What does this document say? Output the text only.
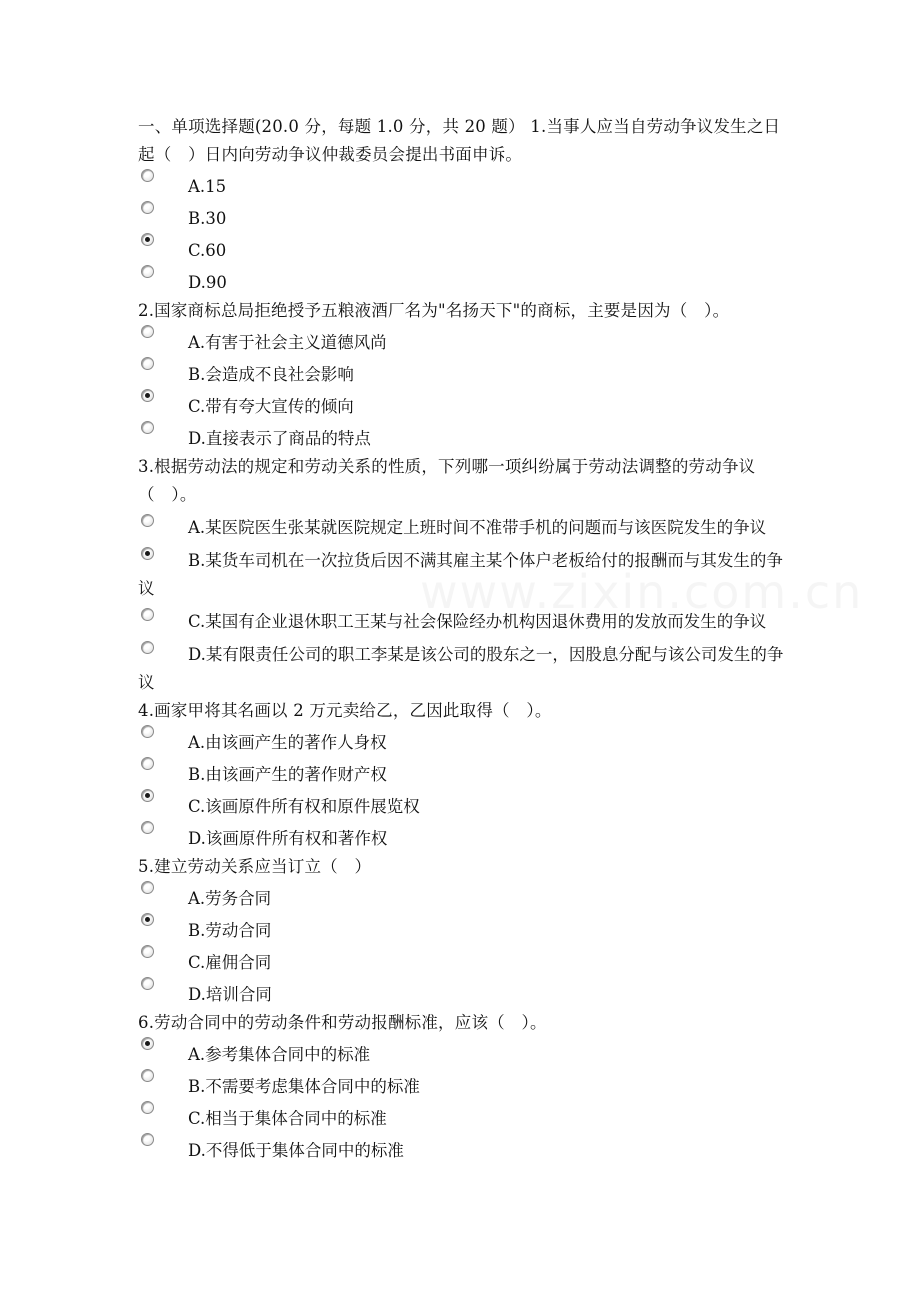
www.zixin.com.cn

一、单项选择题(20.0 分，每题 1.0 分，共 20 题） 1.当事人应当自劳动争议发生之日起（　）日内向劳动争议仲裁委员会提出书面申诉。

A.15
B.30
C.60
D.90

2.国家商标总局拒绝授予五粮液酒厂名为"名扬天下"的商标，主要是因为（　）。

A.有害于社会主义道德风尚
B.会造成不良社会影响
C.带有夸大宣传的倾向
D.直接表示了商品的特点

3.根据劳动法的规定和劳动关系的性质，下列哪一项纠纷属于劳动法调整的劳动争议（　）。

A.某医院医生张某就医院规定上班时间不准带手机的问题而与该医院发生的争议
B.某货车司机在一次拉货后因不满其雇主某个体户老板给付的报酬而与其发生的争议
C.某国有企业退休职工王某与社会保险经办机构因退休费用的发放而发生的争议
D.某有限责任公司的职工李某是该公司的股东之一，因股息分配与该公司发生的争议

4.画家甲将其名画以 2 万元卖给乙，乙因此取得（　）。

A.由该画产生的著作人身权
B.由该画产生的著作财产权
C.该画原件所有权和原件展览权
D.该画原件所有权和著作权

5.建立劳动关系应当订立（　）

A.劳务合同
B.劳动合同
C.雇佣合同
D.培训合同

6.劳动合同中的劳动条件和劳动报酬标准，应该（　）。

A.参考集体合同中的标准
B.不需要考虑集体合同中的标准
C.相当于集体合同中的标准
D.不得低于集体合同中的标准
